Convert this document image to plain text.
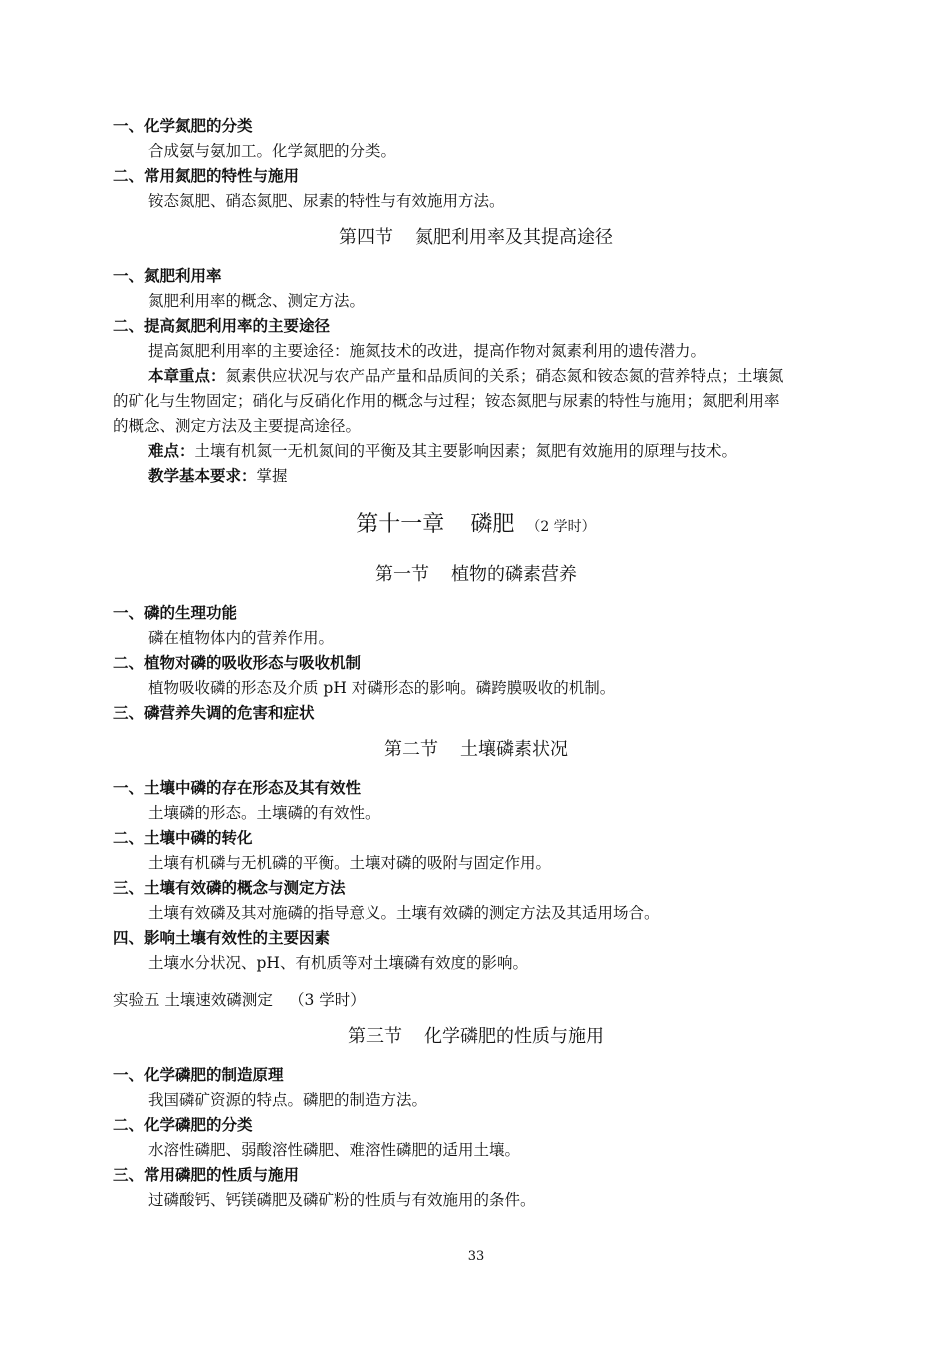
一、化学氮肥的分类
合成氨与氨加工。化学氮肥的分类。
二、常用氮肥的特性与施用
铵态氮肥、硝态氮肥、尿素的特性与有效施用方法。
第四节 氮肥利用率及其提高途径
一、氮肥利用率
氮肥利用率的概念、测定方法。
二、提高氮肥利用率的主要途径
提高氮肥利用率的主要途径：施氮技术的改进，提高作物对氮素利用的遗传潜力。
本章重点：氮素供应状况与农产品产量和品质间的关系；硝态氮和铵态氮的营养特点；土壤氮
的矿化与生物固定；硝化与反硝化作用的概念与过程；铵态氮肥与尿素的特性与施用；氮肥利用率
的概念、测定方法及主要提高途径。
难点：土壤有机氮一无机氮间的平衡及其主要影响因素；氮肥有效施用的原理与技术。
教学基本要求：掌握
第十一章 磷肥 （2 学时）
第一节 植物的磷素营养
一、磷的生理功能
磷在植物体内的营养作用。
二、植物对磷的吸收形态与吸收机制
植物吸收磷的形态及介质 pH 对磷形态的影响。磷跨膜吸收的机制。
三、磷营养失调的危害和症状
第二节 土壤磷素状况
一、土壤中磷的存在形态及其有效性
土壤磷的形态。土壤磷的有效性。
二、土壤中磷的转化
土壤有机磷与无机磷的平衡。土壤对磷的吸附与固定作用。
三、土壤有效磷的概念与测定方法
土壤有效磷及其对施磷的指导意义。土壤有效磷的测定方法及其适用场合。
四、影响土壤有效性的主要因素
土壤水分状况、pH、有机质等对土壤磷有效度的影响。
实验五 土壤速效磷测定 （3 学时）
第三节 化学磷肥的性质与施用
一、化学磷肥的制造原理
我国磷矿资源的特点。磷肥的制造方法。
二、化学磷肥的分类
水溶性磷肥、弱酸溶性磷肥、难溶性磷肥的适用土壤。
三、常用磷肥的性质与施用
过磷酸钙、钙镁磷肥及磷矿粉的性质与有效施用的条件。
33
